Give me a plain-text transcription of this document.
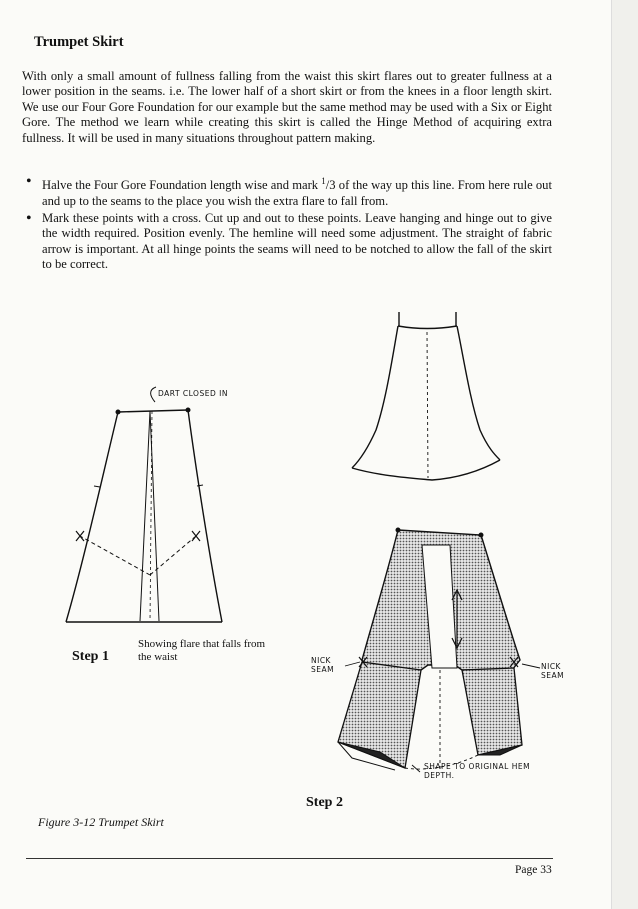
Trumpet Skirt

With only a small amount of fullness falling from the waist this skirt flares out to greater fullness at a lower position in the seams. i.e. The lower half of a short skirt or from the knees in a floor length skirt. We use our Four Gore Foundation for our example but the same method may be used with a Six or Eight Gore. The method we learn while creating this skirt is called the Hinge Method of acquiring extra fullness. It will be used in many situations throughout pattern making.

• Halve the Four Gore Foundation length wise and mark $^1$/3 of the way up this line. From here rule out and up to the seams to the place you wish the extra flare to fall from.
• Mark these points with a cross. Cut up and out to these points. Leave hanging and hinge out to give the width required. Position evenly. The hemline will need some adjustment. The straight of fabric arrow is important. At all hinge points the seams will need to be notched to allow the fall of the skirt to be correct.
DART CLOSED IN
NICK SEAM	NICK SEAM
SHAPE TO ORIGINAL HEM DEPTH.
Step 1
Showing flare that falls from the waist
Step 2
Figure 3-12 Trumpet Skirt
Page 33
